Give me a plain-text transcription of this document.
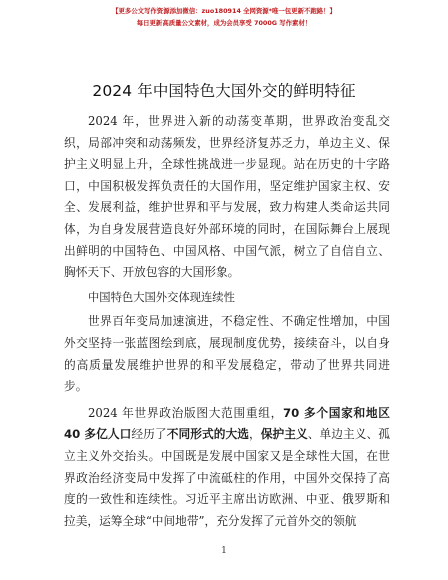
【更多公文写作资源添加微信：zuo180914 全网资源*唯一包更新不跑路！】
每日更新高质量公文素材，成为会员享受 7000G 写作素材！
2024 年中国特色大国外交的鲜明特征

2024 年，世界进入新的动荡变革期，世界政治变乱交织，局部冲突和动荡频发，世界经济复苏乏力，单边主义、保护主义明显上升，全球性挑战进一步显现。站在历史的十字路口，中国积极发挥负责任的大国作用，坚定维护国家主权、安全、发展利益，维护世界和平与发展，致力构建人类命运共同体，为自身发展营造良好外部环境的同时，在国际舞台上展现出鲜明的中国特色、中国风格、中国气派，树立了自信自立、胸怀天下、开放包容的大国形象。

中国特色大国外交体现连续性

世界百年变局加速演进，不稳定性、不确定性增加，中国外交坚持一张蓝图绘到底，展现制度优势，接续奋斗，以自身的高质量发展维护世界的和平发展稳定，带动了世界共同进步。

2024 年世界政治版图大范围重组，70 多个国家和地区 40 多亿人口经历了不同形式的大选，保护主义、单边主义、孤立主义外交抬头。中国既是发展中国家又是全球性大国，在世界政治经济变局中发挥了中流砥柱的作用，中国外交保持了高度的一致性和连续性。习近平主席出访欧洲、中亚、俄罗斯和拉美，运筹全球“中间地带”，充分发挥了元首外交的领航

1
